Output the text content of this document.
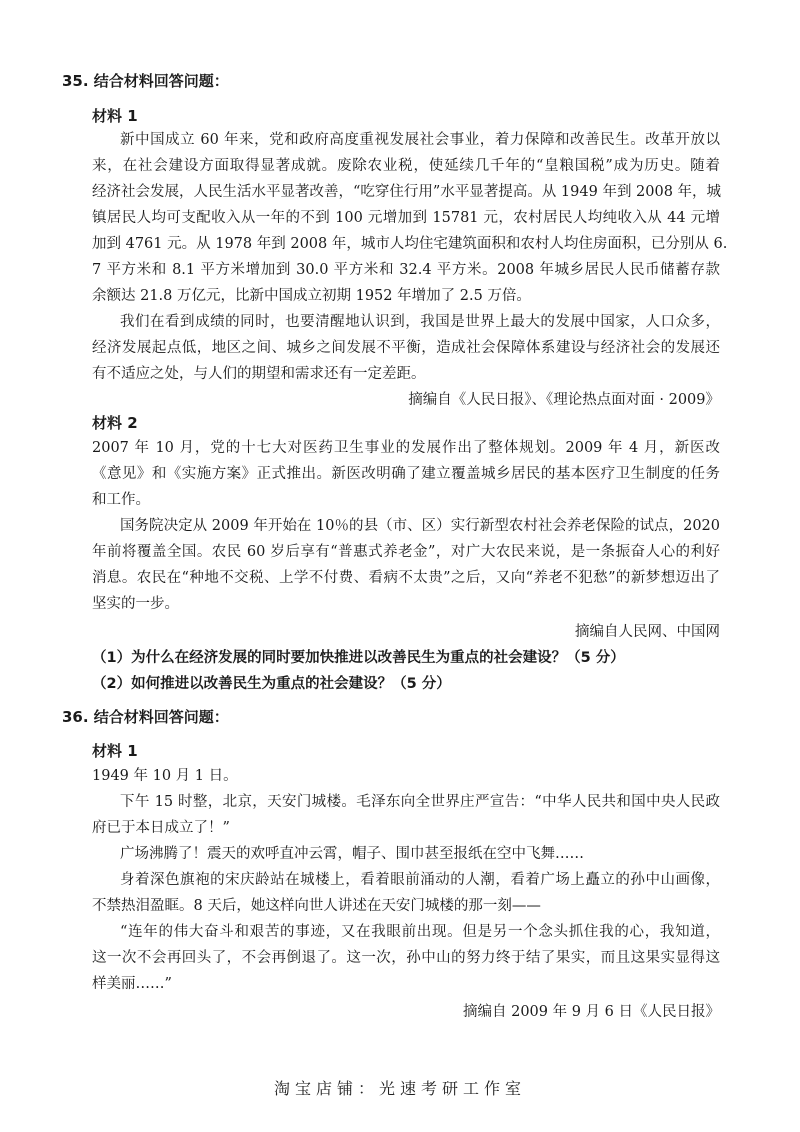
35. 结合材料回答问题：
材料 1
新中国成立 60 年来，党和政府高度重视发展社会事业，着力保障和改善民生。改革开放以
来，在社会建设方面取得显著成就。废除农业税，使延续几千年的“皇粮国税”成为历史。随着
经济社会发展，人民生活水平显著改善，“吃穿住行用”水平显著提高。从 1949 年到 2008 年，城
镇居民人均可支配收入从一年的不到 100 元增加到 15781 元，农村居民人均纯收入从 44 元增
加到 4761 元。从 1978 年到 2008 年，城市人均住宅建筑面积和农村人均住房面积，已分别从 6.
7 平方米和 8.1 平方米增加到 30.0 平方米和 32.4 平方米。2008 年城乡居民人民币储蓄存款
余额达 21.8 万亿元，比新中国成立初期 1952 年增加了 2.5 万倍。
我们在看到成绩的同时，也要清醒地认识到，我国是世界上最大的发展中国家，人口众多，
经济发展起点低，地区之间、城乡之间发展不平衡，造成社会保障体系建设与经济社会的发展还
有不适应之处，与人们的期望和需求还有一定差距。
摘编自《人民日报》、《理论热点面对面 · 2009》
材料 2
2007 年 10 月，党的十七大对医药卫生事业的发展作出了整体规划。2009 年 4 月，新医改
《意见》和《实施方案》正式推出。新医改明确了建立覆盖城乡居民的基本医疗卫生制度的任务
和工作。
国务院决定从 2009 年开始在 10％的县（市、区）实行新型农村社会养老保险的试点，2020
年前将覆盖全国。农民 60 岁后享有“普惠式养老金”，对广大农民来说，是一条振奋人心的利好
消息。农民在“种地不交税、上学不付费、看病不太贵”之后，又向“养老不犯愁”的新梦想迈出了
坚实的一步。
摘编自人民网、中国网
（1）为什么在经济发展的同时要加快推进以改善民生为重点的社会建设？（5 分）
（2）如何推进以改善民生为重点的社会建设？（5 分）
36. 结合材料回答问题：
材料 1
1949 年 10 月 1 日。
下午 15 时整，北京，天安门城楼。毛泽东向全世界庄严宣告：“中华人民共和国中央人民政
府已于本日成立了！”
广场沸腾了！震天的欢呼直冲云霄，帽子、围巾甚至报纸在空中飞舞……
身着深色旗袍的宋庆龄站在城楼上，看着眼前涌动的人潮，看着广场上矗立的孙中山画像，
不禁热泪盈眶。8 天后，她这样向世人讲述在天安门城楼的那一刻——
“连年的伟大奋斗和艰苦的事迹，又在我眼前出现。但是另一个念头抓住我的心，我知道，
这一次不会再回头了，不会再倒退了。这一次，孙中山的努力终于结了果实，而且这果实显得这
样美丽……”
摘编自 2009 年 9 月 6 日《人民日报》
淘宝店铺：光速考研工作室
